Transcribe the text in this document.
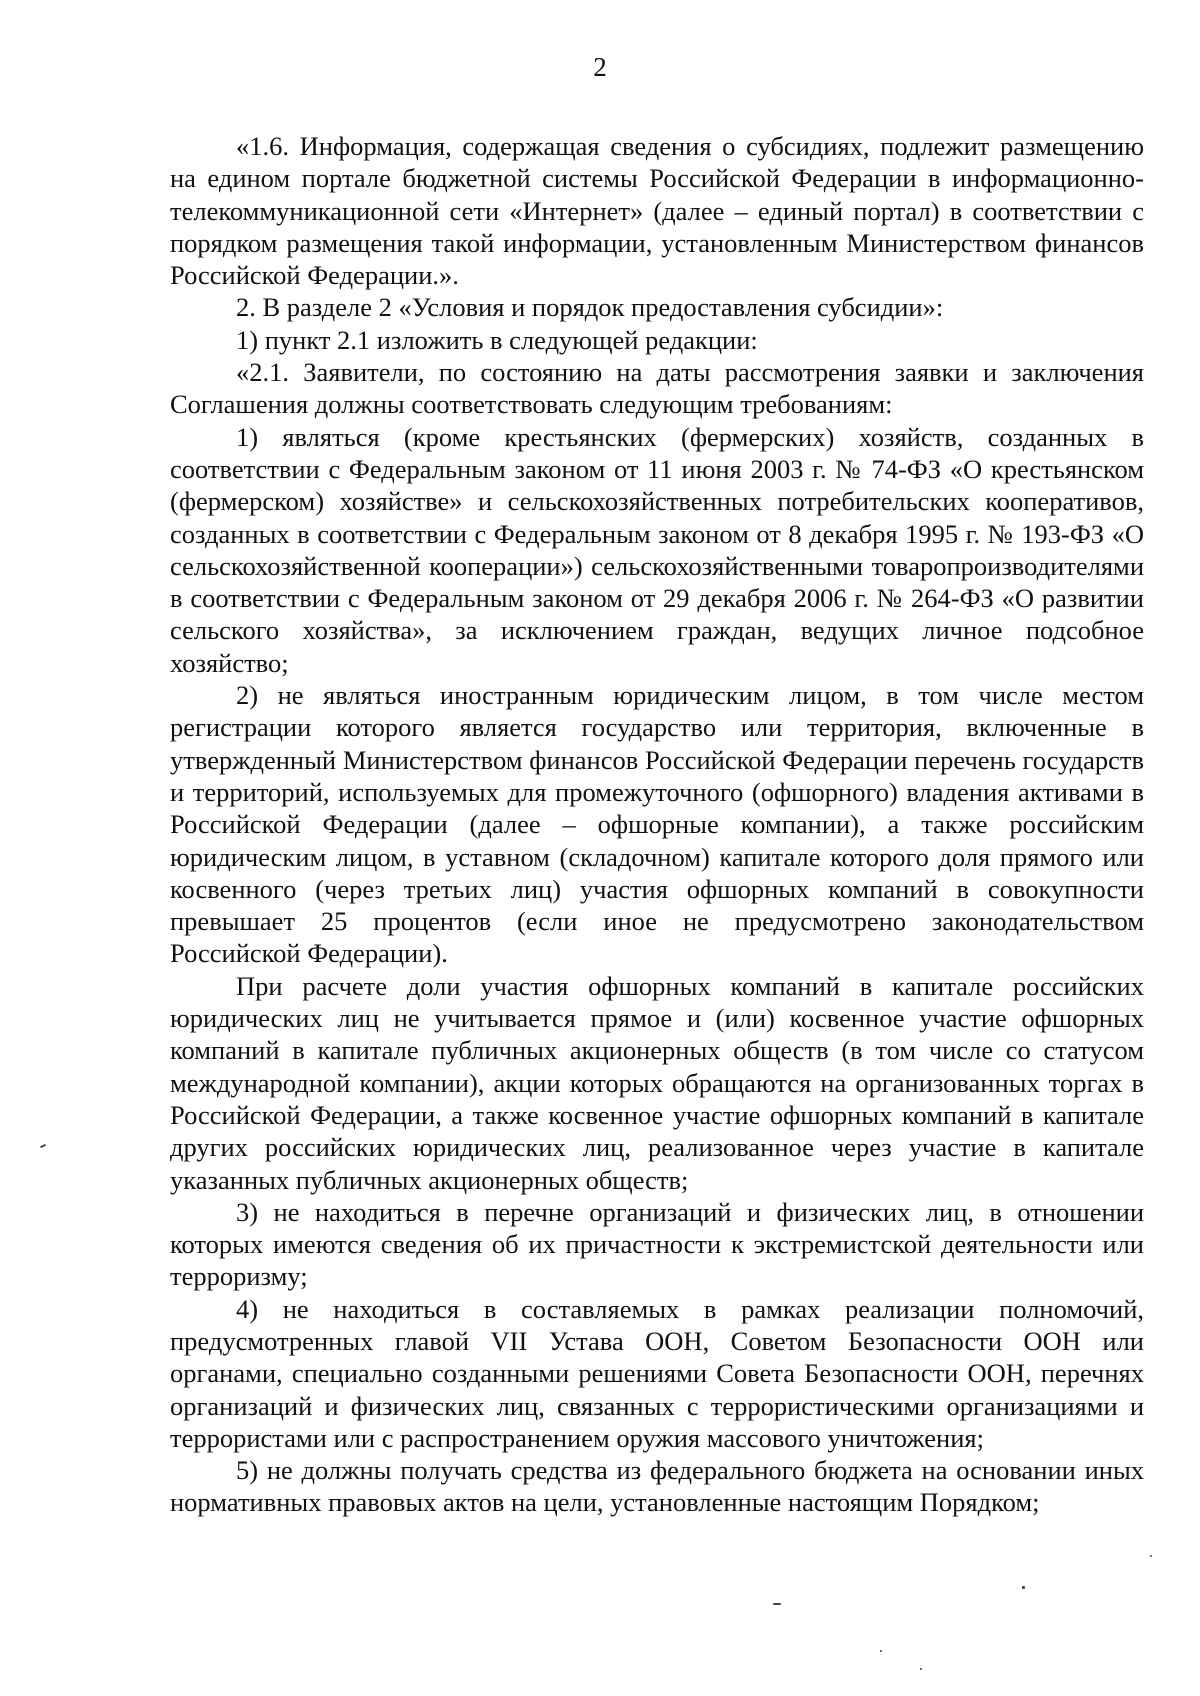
2

«1.6. Информация, содержащая сведения о субсидиях, подлежит размещению на едином портале бюджетной системы Российской Федерации в информационно-телекоммуникационной сети «Интернет» (далее – единый портал) в соответствии с порядком размещения такой информации, установленным Министерством финансов Российской Федерации.».

2. В разделе 2 «Условия и порядок предоставления субсидии»:

1) пункт 2.1 изложить в следующей редакции:

«2.1. Заявители, по состоянию на даты рассмотрения заявки и заключения Соглашения должны соответствовать следующим требованиям:

1) являться (кроме крестьянских (фермерских) хозяйств, созданных в соответствии с Федеральным законом от 11 июня 2003 г. № 74-ФЗ «О крестьянском (фермерском) хозяйстве» и сельскохозяйственных потребительских кооперативов, созданных в соответствии с Федеральным законом от 8 декабря 1995 г. № 193-ФЗ «О сельскохозяйственной кооперации») сельскохозяйственными товаропроизводителями в соответствии с Федеральным законом от 29 декабря 2006 г. № 264-ФЗ «О развитии сельского хозяйства», за исключением граждан, ведущих личное подсобное хозяйство;

2) не являться иностранным юридическим лицом, в том числе местом регистрации которого является государство или территория, включенные в утвержденный Министерством финансов Российской Федерации перечень государств и территорий, используемых для промежуточного (офшорного) владения активами в Российской Федерации (далее – офшорные компании), а также российским юридическим лицом, в уставном (складочном) капитале которого доля прямого или косвенного (через третьих лиц) участия офшорных компаний в совокупности превышает 25 процентов (если иное не предусмотрено законодательством Российской Федерации).

При расчете доли участия офшорных компаний в капитале российских юридических лиц не учитывается прямое и (или) косвенное участие офшорных компаний в капитале публичных акционерных обществ (в том числе со статусом международной компании), акции которых обращаются на организованных торгах в Российской Федерации, а также косвенное участие офшорных компаний в капитале других российских юридических лиц, реализованное через участие в капитале указанных публичных акционерных обществ;

3) не находиться в перечне организаций и физических лиц, в отношении которых имеются сведения об их причастности к экстремистской деятельности или терроризму;

4) не находиться в составляемых в рамках реализации полномочий, предусмотренных главой VII Устава ООН, Советом Безопасности ООН или органами, специально созданными решениями Совета Безопасности ООН, перечнях организаций и физических лиц, связанных с террористическими организациями и террористами или с распространением оружия массового уничтожения;

5) не должны получать средства из федерального бюджета на основании иных нормативных правовых актов на цели, установленные настоящим Порядком;
